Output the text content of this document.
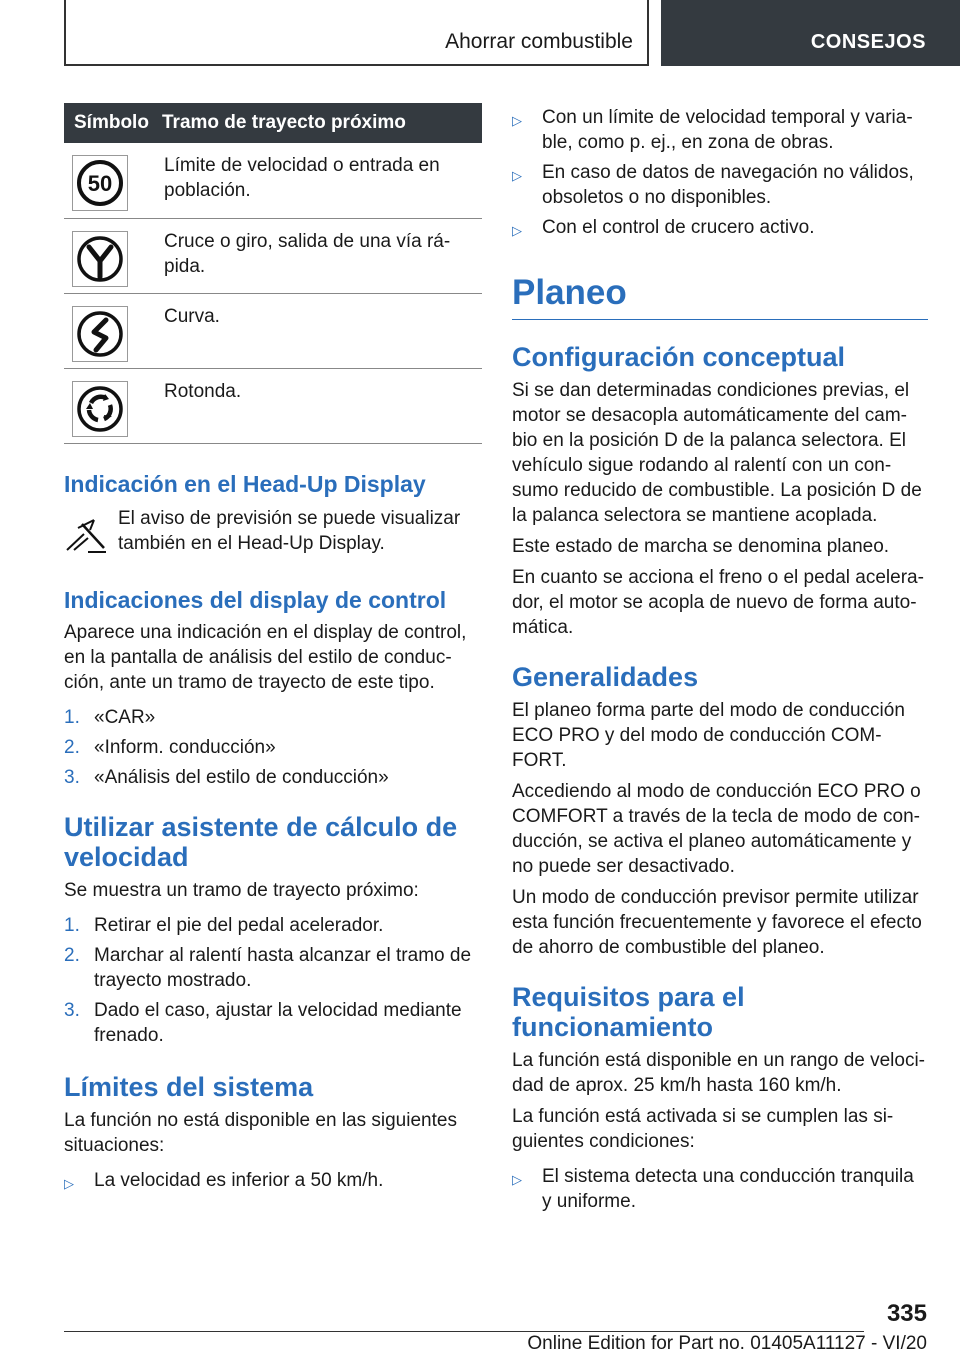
Ahorrar combustible	CONSEJOS
Símbolo	Tramo de trayecto próximo

50	Límite de velocidad o entrada en población.

	Cruce o giro, salida de una vía rá-pida.

	Curva.

	Rotonda.
Indicación en el Head-Up Display

El aviso de previsión se puede visualizar también en el Head-Up Display.

Indicaciones del display de control

Aparece una indicación en el display de control, en la pantalla de análisis del estilo de conduc-ción, ante un tramo de trayecto de este tipo.

1. «CAR»
2. «Inform. conducción»
3. «Análisis del estilo de conducción»
Utilizar asistente de cálculo de velocidad

Se muestra un tramo de trayecto próximo:

1. Retirar el pie del pedal acelerador.
2. Marchar al ralentí hasta alcanzar el tramo de trayecto mostrado.
3. Dado el caso, ajustar la velocidad mediante frenado.
Límites del sistema

La función no está disponible en las siguientes situaciones:

▷	La velocidad es inferior a 50 km/h.
▷	Con un límite de velocidad temporal y varia-ble, como p. ej., en zona de obras.
▷	En caso de datos de navegación no válidos, obsoletos o no disponibles.
▷	Con el control de crucero activo.
Planeo
Configuración conceptual

Si se dan determinadas condiciones previas, el motor se desacopla automáticamente del cam-bio en la posición D de la palanca selectora. El vehículo sigue rodando al ralentí con un con-sumo reducido de combustible. La posición D de la palanca selectora se mantiene acoplada.

Este estado de marcha se denomina planeo.

En cuanto se acciona el freno o el pedal acelera-dor, el motor se acopla de nuevo de forma auto-mática.

Generalidades

El planeo forma parte del modo de conducción ECO PRO y del modo de conducción COM-FORT.

Accediendo al modo de conducción ECO PRO o COMFORT a través de la tecla de modo de con-ducción, se activa el planeo automáticamente y no puede ser desactivado.

Un modo de conducción previsor permite utilizar esta función frecuentemente y favorece el efecto de ahorro de combustible del planeo.

Requisitos para el funcionamiento

La función está disponible en un rango de veloci-dad de aprox. 25 km/h hasta 160 km/h.

La función está activada si se cumplen las si-guientes condiciones:

▷	El sistema detecta una conducción tranquila y uniforme.
335
Online Edition for Part no. 01405A11127 - VI/20
